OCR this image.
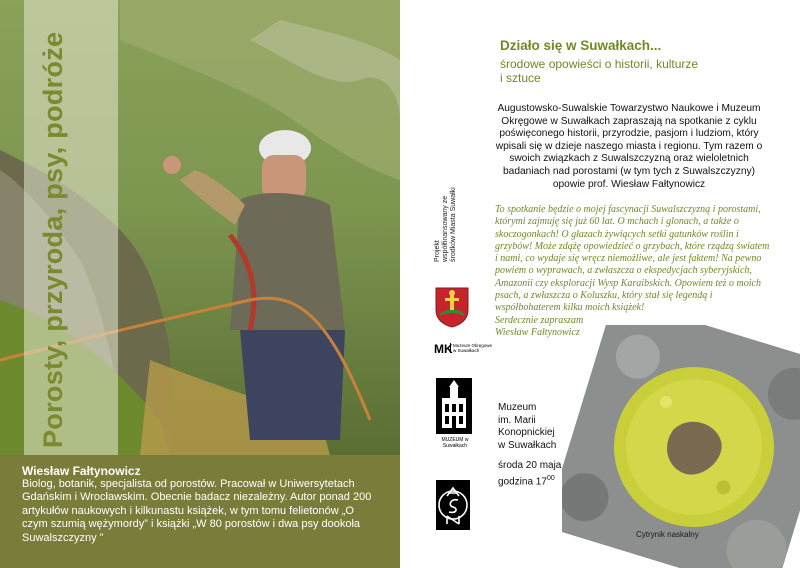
Porosty, przyroda, psy, podróże
Wiesław Fałtynowicz
Biolog, botanik, specjalista od porostów. Pracował w Uniwersytetach Gdańskim i Wrocławskim. Obecnie badacz niezależny. Autor ponad 200 artykułów naukowych i kilkunastu książek, w tym tomu felietonów „O czym szumią wężymordy” i książki „W 80 porostów i dwa psy dookoła Suwalszczyzny ”
Działo się w Suwałkach...
środowe opowieści o historii, kulturze i sztuce
Augustowsko-Suwalskie Towarzystwo Naukowe i Muzeum Okręgowe w Suwałkach zapraszają na spotkanie z cyklu poświęconego historii, przyrodzie, pasjom i ludziom, który wpisali się w dzieje naszego miasta i regionu. Tym razem o swoich związkach z Suwalszczyzną oraz wieloletnich badaniach nad porostami (w tym tych z Suwalszczyzny) opowie prof. Wiesław Fałtynowicz

To spotkanie będzie o mojej fascynacji Suwalszczyzną i porostami, którymi zajmuję się już 60 lat. O mchach i glonach, a także o skoczogonkach! O głazach żywiących setki gatunków roślin i grzybów! Może zdążę opowiedzieć o grzybach, które rządzą światem i nami, co wydaje się wręcz niemożliwe, ale jest faktem! Na pewno powiem o wyprawach, a zwłaszcza o ekspedycjach syberyjskich, Amazonii czy eksploracji Wysp Karaibskich. Opowiem też o moich psach, a zwłaszcza o Koluszku, który stał się legendą i współbohaterem kilku moich książek!

Serdecznie zapraszam

Wiesław Fałtynowicz

Projekt współfinansowany ze środków Miasta Suwałki
MK Muzeum Okręgowe w Suwałkach
MUZEUM w Suwałkach
Muzeum
im. Marii
Konopnickiej
w Suwałkach
środa 20 maja
godzina $17^{00}$
Cytrynik naskalny
